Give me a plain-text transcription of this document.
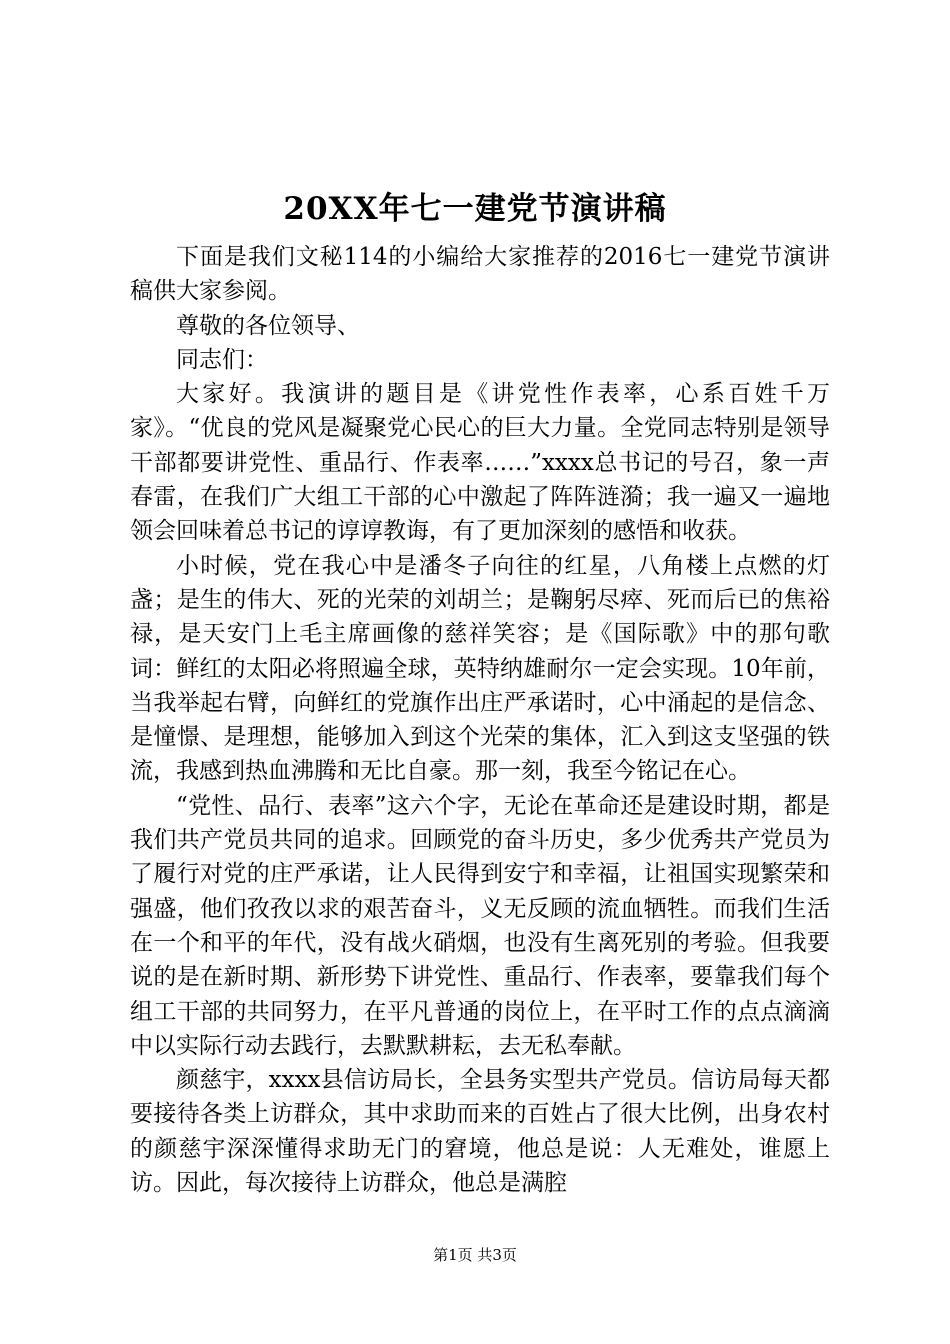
20XX年七一建党节演讲稿

下面是我们文秘114的小编给大家推荐的2016七一建党节演讲稿供大家参阅。

尊敬的各位领导、

同志们：

大家好。我演讲的题目是《讲党性作表率，心系百姓千万家》。“优良的党风是凝聚党心民心的巨大力量。全党同志特别是领导干部都要讲党性、重品行、作表率……”xxxx总书记的号召，象一声春雷，在我们广大组工干部的心中激起了阵阵涟漪；我一遍又一遍地领会回味着总书记的谆谆教诲，有了更加深刻的感悟和收获。

小时候，党在我心中是潘冬子向往的红星，八角楼上点燃的灯盏；是生的伟大、死的光荣的刘胡兰；是鞠躬尽瘁、死而后已的焦裕禄，是天安门上毛主席画像的慈祥笑容；是《国际歌》中的那句歌词：鲜红的太阳必将照遍全球，英特纳雄耐尔一定会实现。10年前，当我举起右臂，向鲜红的党旗作出庄严承诺时，心中涌起的是信念、是憧憬、是理想，能够加入到这个光荣的集体，汇入到这支坚强的铁流，我感到热血沸腾和无比自豪。那一刻，我至今铭记在心。

“党性、品行、表率”这六个字，无论在革命还是建设时期，都是我们共产党员共同的追求。回顾党的奋斗历史，多少优秀共产党员为了履行对党的庄严承诺，让人民得到安宁和幸福，让祖国实现繁荣和强盛，他们孜孜以求的艰苦奋斗，义无反顾的流血牺牲。而我们生活在一个和平的年代，没有战火硝烟，也没有生离死别的考验。但我要说的是在新时期、新形势下讲党性、重品行、作表率，要靠我们每个组工干部的共同努力，在平凡普通的岗位上，在平时工作的点点滴滴中以实际行动去践行，去默默耕耘，去无私奉献。

颜慈宇，xxxx县信访局长，全县务实型共产党员。信访局每天都要接待各类上访群众，其中求助而来的百姓占了很大比例，出身农村的颜慈宇深深懂得求助无门的窘境，他总是说：人无难处，谁愿上访。因此，每次接待上访群众，他总是满腔

第1页 共3页
